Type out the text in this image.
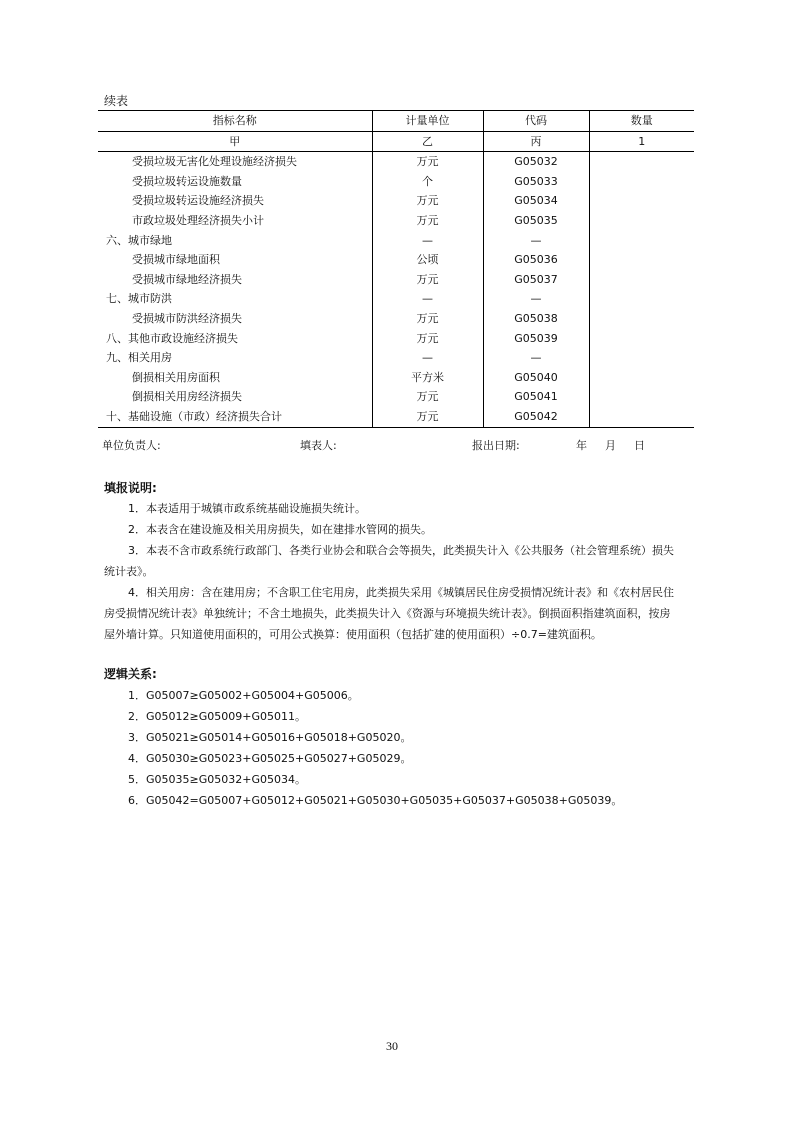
续表
指标名称	计量单位	代码	数量
甲	乙	丙	1
受损垃圾无害化处理设施经济损失	万元	G05032	
受损垃圾转运设施数量	个	G05033	
受损垃圾转运设施经济损失	万元	G05034	
市政垃圾处理经济损失小计	万元	G05035	
六、城市绿地	—	—	
受损城市绿地面积	公顷	G05036	
受损城市绿地经济损失	万元	G05037	
七、城市防洪	—	—	
受损城市防洪经济损失	万元	G05038	
八、其他市政设施经济损失	万元	G05039	
九、相关用房	—	—	
倒损相关用房面积	平方米	G05040	
倒损相关用房经济损失	万元	G05041	
十、基础设施（市政）经济损失合计	万元	G05042	
单位负责人:	填表人:	报出日期:	年 月 日
填报说明:

1．本表适用于城镇市政系统基础设施损失统计。

2．本表含在建设施及相关用房损失，如在建排水管网的损失。

3．本表不含市政系统行政部门、各类行业协会和联合会等损失，此类损失计入《公共服务（社会管理系统）损失统计表》。

4．相关用房：含在建用房；不含职工住宅用房，此类损失采用《城镇居民住房受损情况统计表》和《农村居民住房受损情况统计表》单独统计；不含土地损失，此类损失计入《资源与环境损失统计表》。倒损面积指建筑面积，按房屋外墙计算。只知道使用面积的，可用公式换算：使用面积（包括扩建的使用面积）÷0.7=建筑面积。

逻辑关系:
1．G05007≥G05002+G05004+G05006。
2．G05012≥G05009+G05011。
3．G05021≥G05014+G05016+G05018+G05020。
4．G05030≥G05023+G05025+G05027+G05029。
5．G05035≥G05032+G05034。
6．G05042=G05007+G05012+G05021+G05030+G05035+G05037+G05038+G05039。
30
